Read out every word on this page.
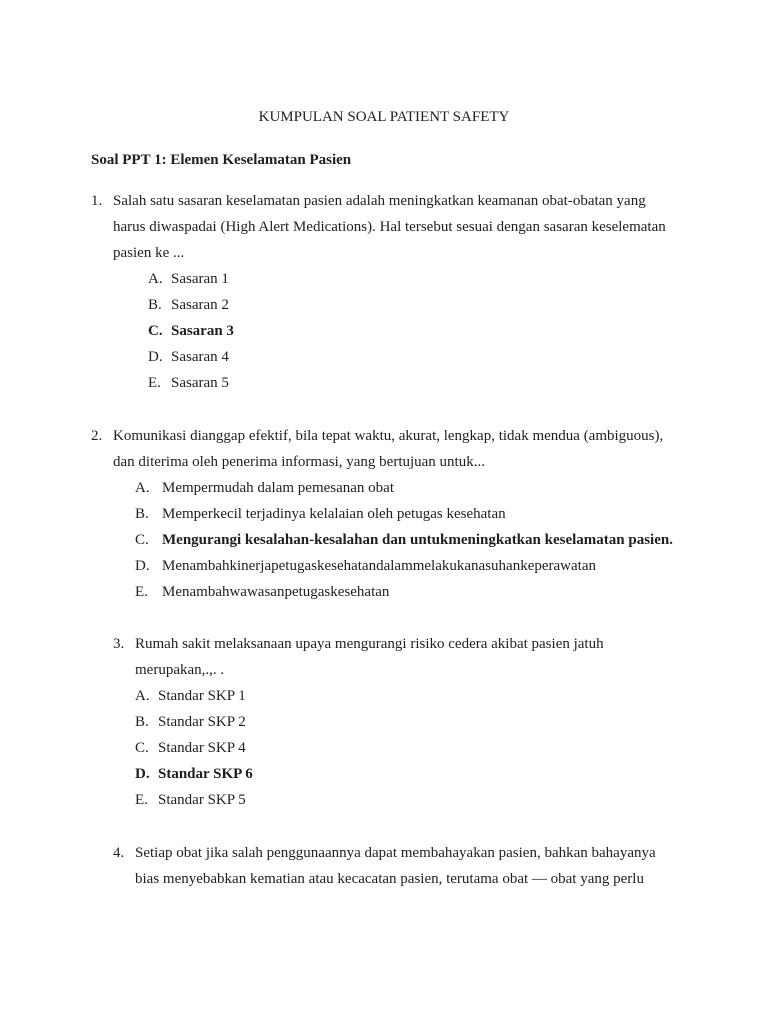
KUMPULAN SOAL PATIENT SAFETY
Soal PPT 1: Elemen Keselamatan Pasien
1. Salah satu sasaran keselamatan pasien adalah meningkatkan keamanan obat-obatan yang
harus diwaspadai (High Alert Medications). Hal tersebut sesuai dengan sasaran keselematan
pasien ke ...
A. Sasaran 1
B. Sasaran 2
C. Sasaran 3
D. Sasaran 4
E. Sasaran 5
2. Komunikasi dianggap efektif, bila tepat waktu, akurat, lengkap, tidak mendua (ambiguous),
dan diterima oleh penerima informasi, yang bertujuan untuk...
A. Mempermudah dalam pemesanan obat
B. Memperkecil terjadinya kelalaian oleh petugas kesehatan
C. Mengurangi kesalahan-kesalahan dan untukmeningkatkan keselamatan pasien.
D. Menambahkinerjapetugaskesehatandalammelakukanasuhankeperawatan
E. Menambahwawasanpetugaskesehatan
3. Rumah sakit melaksanaan upaya mengurangi risiko cedera akibat pasien jatuh
merupakan,.,. .
A. Standar SKP 1
B. Standar SKP 2
C. Standar SKP 4
D. Standar SKP 6
E. Standar SKP 5
4. Setiap obat jika salah penggunaannya dapat membahayakan pasien, bahkan bahayanya
bias menyebabkan kematian atau kecacatan pasien, terutama obat — obat yang perlu
